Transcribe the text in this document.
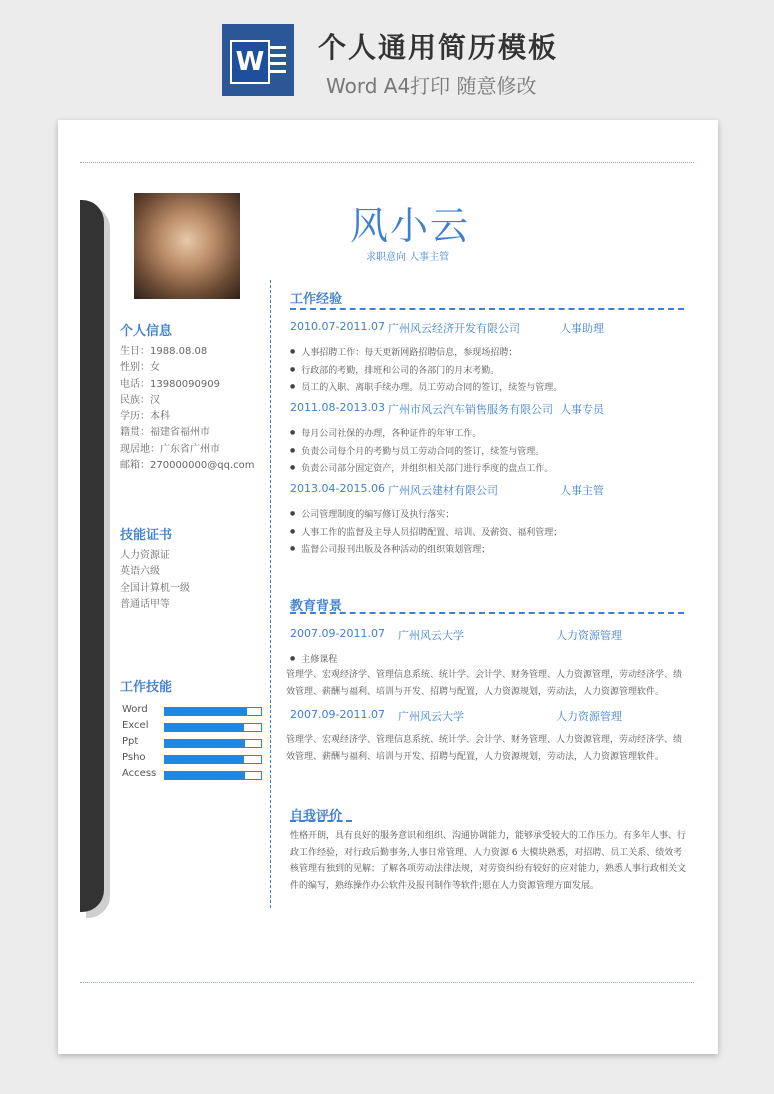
W 个人通用简历模板
Word A4打印 随意修改
风小云
求职意向 人事主管
个人信息
生日：1988.08.08
性别：女
电话：13980090909
民族：汉
学历：本科
籍贯：福建省福州市
现居地：广东省广州市
邮箱：270000000@qq.com
技能证书
人力资源证
英语六级
全国计算机一级
普通话甲等
工作技能
Word
Excel
Ppt
Psho
Access
工作经验
2010.07-2011.07 广州风云经济开发有限公司	人事助理
● 人事招聘工作：每天更新网路招聘信息，参现场招聘；
● 行政部的考勤，排班和公司的各部门的月末考勤。
● 员工的入职、离职手续办理。员工劳动合同的签订，续签与管理。
2011.08-2013.03 广州市风云汽车销售服务有限公司 人事专员
● 每月公司社保的办理，各种证件的年审工作。
● 负责公司每个月的考勤与员工劳动合同的签订，续签与管理。
● 负责公司部分固定资产，并组织相关部门进行季度的盘点工作。
2013.04-2015.06 广州风云建材有限公司	人事主管
● 公司管理制度的编写修订及执行落实；
● 人事工作的监督及主导人员招聘配置、培训、及薪资、福利管理；
● 监督公司报刊出版及各种活动的组织策划管理；
教育背景
2007.09-2011.07 广州风云大学	人力资源管理
● 主修课程
管理学、宏观经济学、管理信息系统、统计学、会计学、财务管理、人力资源管理，劳动经济学、绩效管理、薪酬与福利、培训与开发、招聘与配置，人力资源规划，劳动法，人力资源管理软件。
2007.09-2011.07 广州风云大学	人力资源管理
管理学、宏观经济学、管理信息系统、统计学、会计学、财务管理、人力资源管理，劳动经济学、绩效管理、薪酬与福利、培训与开发、招聘与配置，人力资源规划，劳动法，人力资源管理软件。
自我评价
性格开朗，具有良好的服务意识和组织、沟通协调能力，能够承受较大的工作压力。有多年人事、行政工作经验，对行政后勤事务,人事日常管理、人力资源 6 大模块熟悉，对招聘、员工关系、绩效考核管理有独到的见解；了解各项劳动法律法规，对劳资纠纷有较好的应对能力，熟悉人事行政相关文件的编写，熟练操作办公软件及报刊制作等软件;愿在人力资源管理方面发展。
